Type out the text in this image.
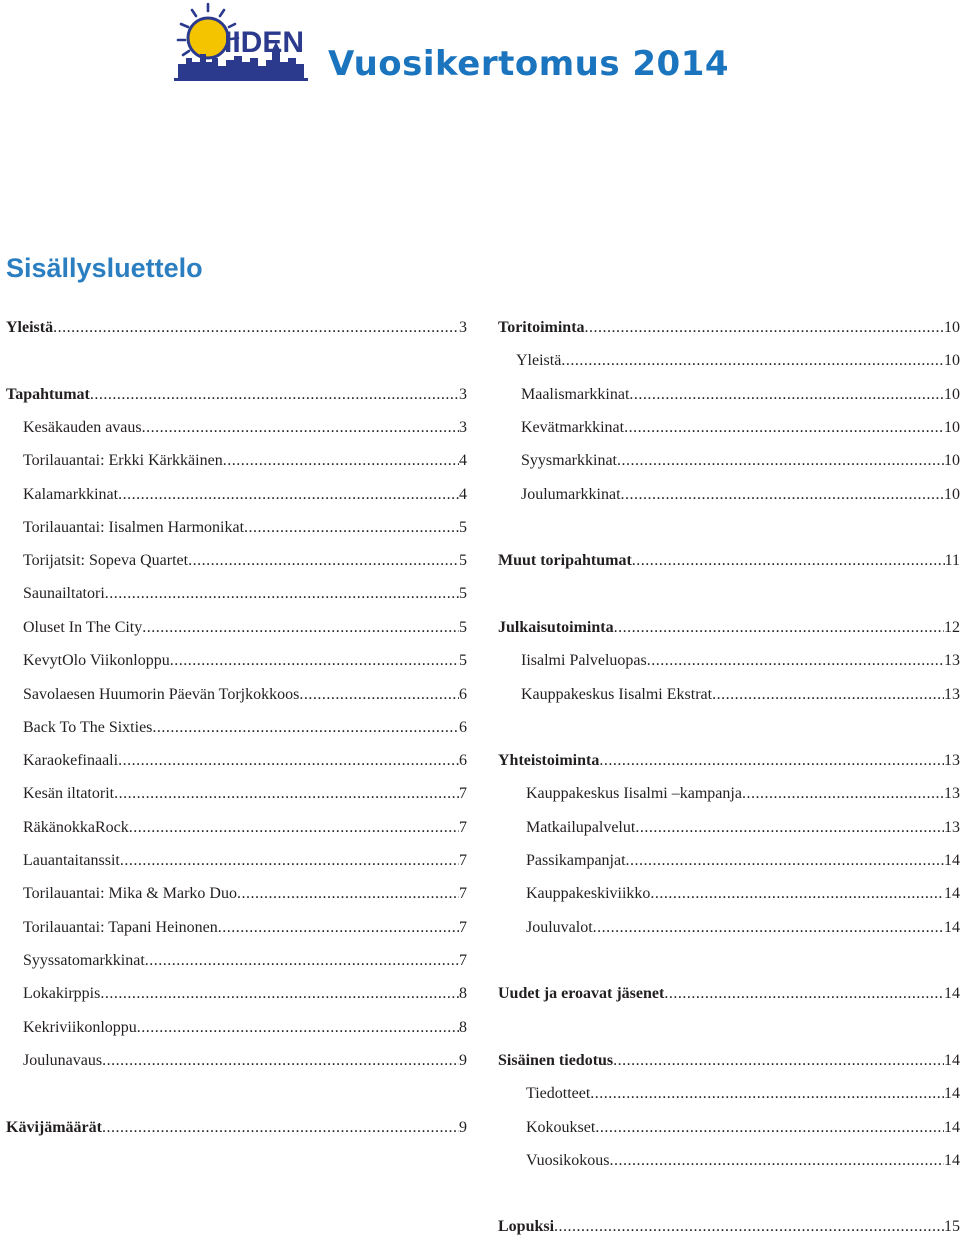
IIDEN
Vuosikertomus 2014
Sisällysluettelo
Yleistä .....	3
Tapahtumat .....	3
Kesäkauden avaus .....	3
Torilauantai: Erkki Kärkkäinen .....	4
Kalamarkkinat .....	4
Torilauantai: Iisalmen Harmonikat .....	5
Torijatsit: Sopeva Quartet .....	5
Saunailtatori .....	5
Oluset In The City .....	5
KevytOlo Viikonloppu .....	5
Savolaesen Huumorin Päevän Torjkokkoos .....	6
Back To The Sixties .....	6
Karaokefinaali .....	6
Kesän iltatorit .....	7
RäkänokkaRock .....	7
Lauantaitanssit .....	7
Torilauantai: Mika & Marko Duo .....	7
Torilauantai: Tapani Heinonen .....	7
Syyssatomarkkinat .....	7
Lokakirppis .....	8
Kekriviikonloppu .....	8
Joulunavaus .....	9
Kävijämäärät .....	9
Toritoiminta .....	10
Yleistä .....	10
Maalismarkkinat .....	10
Kevätmarkkinat .....	10
Syysmarkkinat .....	10
Joulumarkkinat .....	10
Muut toripahtumat .....	11
Julkaisutoiminta .....	12
Iisalmi Palveluopas .....	13
Kauppakeskus Iisalmi Ekstrat .....	13
Yhteistoiminta .....	13
Kauppakeskus Iisalmi –kampanja .....	13
Matkailupalvelut .....	13
Passikampanjat .....	14
Kauppakeskiviikko .....	14
Jouluvalot .....	14
Uudet ja eroavat jäsenet .....	14
Sisäinen tiedotus .....	14
Tiedotteet .....	14
Kokoukset .....	14
Vuosikokous .....	14
Lopuksi .....	15
